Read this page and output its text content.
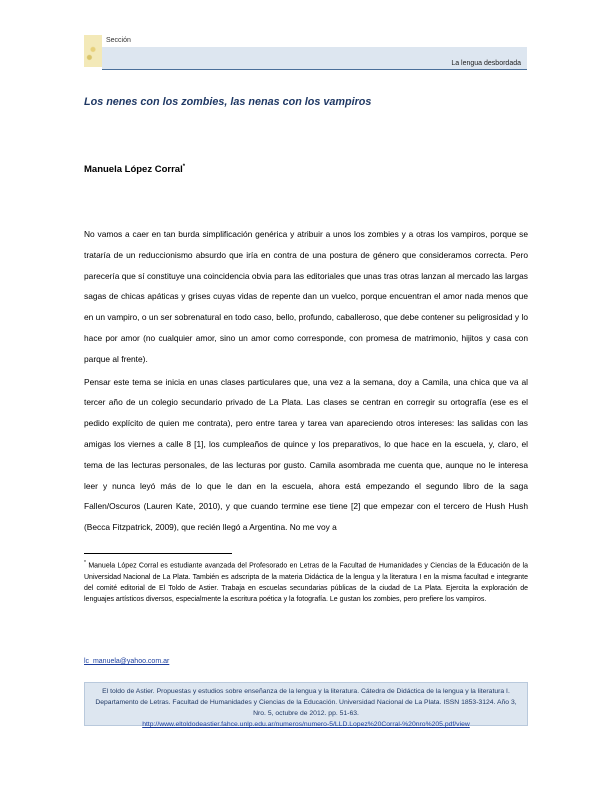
Sección
La lengua desbordada
Los nenes con los zombies, las nenas con los vampiros
Manuela López Corral*

No vamos a caer en tan burda simplificación genérica y atribuir a unos los zombies y a otras los vampiros, porque se trataría de un reduccionismo absurdo que iría en contra de una postura de género que consideramos correcta. Pero parecería que sí constituye una coincidencia obvia para las editoriales que unas tras otras lanzan al mercado las largas sagas de chicas apáticas y grises cuyas vidas de repente dan un vuelco, porque encuentran el amor nada menos que en un vampiro, o un ser sobrenatural en todo caso, bello, profundo, caballeroso, que debe contener su peligrosidad y lo hace por amor (no cualquier amor, sino un amor como corresponde, con promesa de matrimonio, hijitos y casa con parque al frente).

Pensar este tema se inicia en unas clases particulares que, una vez a la semana, doy a Camila, una chica que va al tercer año de un colegio secundario privado de La Plata. Las clases se centran en corregir su ortografía (ese es el pedido explícito de quien me contrata), pero entre tarea y tarea van apareciendo otros intereses: las salidas con las amigas los viernes a calle 8 [1], los cumpleaños de quince y los preparativos, lo que hace en la escuela, y, claro, el tema de las lecturas personales, de las lecturas por gusto. Camila asombrada me cuenta que, aunque no le interesa leer y nunca leyó más de lo que le dan en la escuela, ahora está empezando el segundo libro de la saga Fallen/Oscuros (Lauren Kate, 2010), y que cuando termine ese tiene [2] que empezar con el tercero de Hush Hush (Becca Fitzpatrick, 2009), que recién llegó a Argentina. No me voy a

* Manuela López Corral es estudiante avanzada del Profesorado en Letras de la Facultad de Humanidades y Ciencias de la Educación de la Universidad Nacional de La Plata. También es adscripta de la materia Didáctica de la lengua y la literatura I en la misma facultad e integrante del comité editorial de El Toldo de Astier. Trabaja en escuelas secundarias públicas de la ciudad de La Plata. Ejercita la exploración de lenguajes artísticos diversos, especialmente la escritura poética y la fotografía. Le gustan los zombies, pero prefiere los vampiros.
lc_manuela@yahoo.com.ar
El toldo de Astier. Propuestas y estudios sobre enseñanza de la lengua y la literatura. Cátedra de Didáctica de la lengua y la literatura I. Departamento de Letras. Facultad de Humanidades y Ciencias de la Educación. Universidad Nacional de La Plata. ISSN 1853-3124. Año 3, Nro. 5, octubre de 2012. pp. 51-63.
http://www.eltoldodeastier.fahce.unlp.edu.ar/numeros/numero-5/LLD.Lopez%20Corral-%20nro%205.pdf/view
